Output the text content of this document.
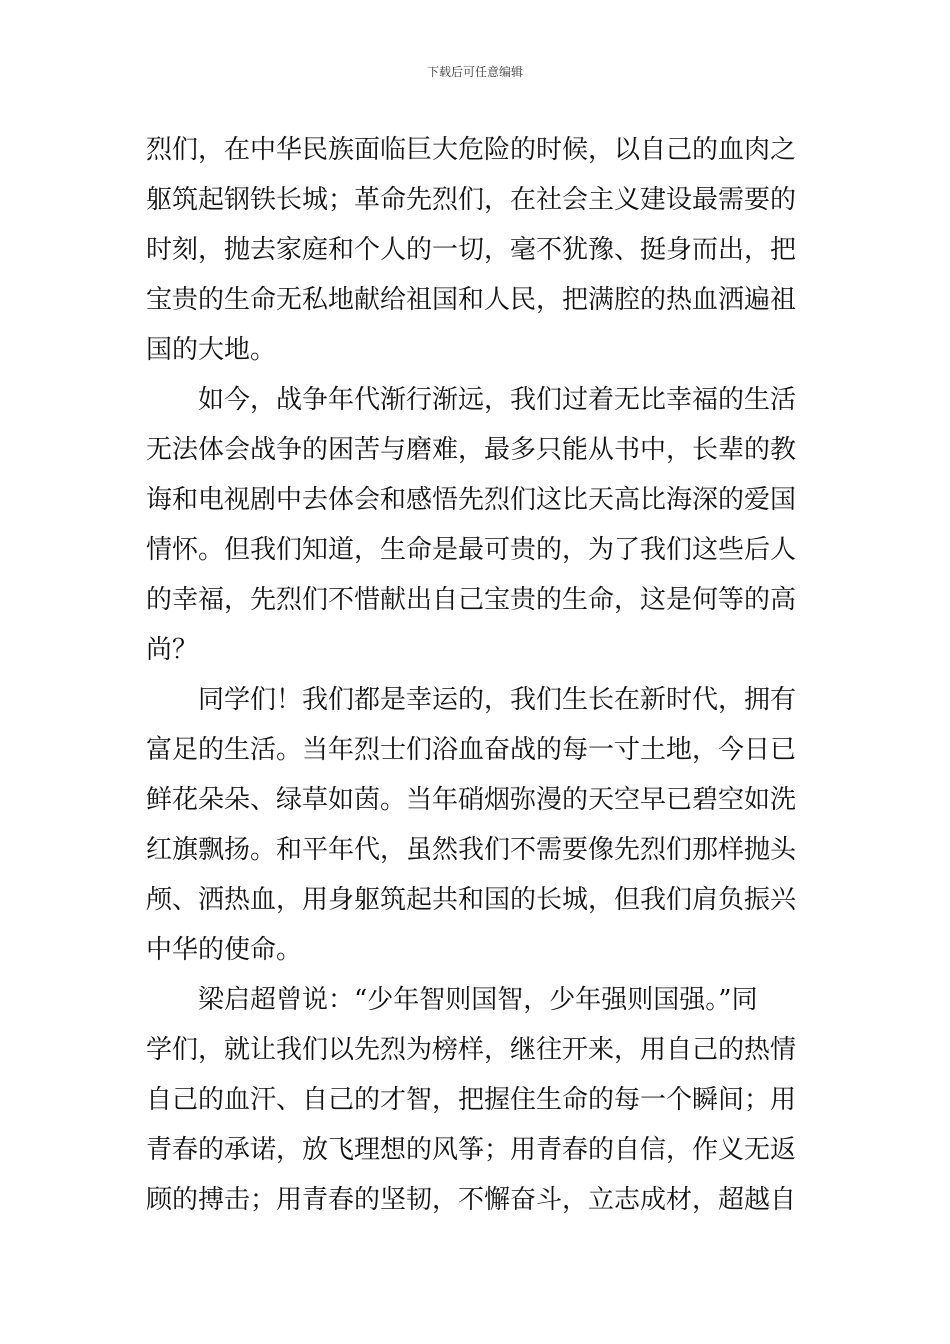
下载后可任意编辑
烈们，在中华民族面临巨大危险的时候，以自己的血肉之
躯筑起钢铁长城；革命先烈们，在社会主义建设最需要的
时刻，抛去家庭和个人的一切，毫不犹豫、挺身而出，把
宝贵的生命无私地献给祖国和人民，把满腔的热血洒遍祖
国的大地。
　　如今，战争年代渐行渐远，我们过着无比幸福的生活
无法体会战争的困苦与磨难，最多只能从书中，长辈的教
诲和电视剧中去体会和感悟先烈们这比天高比海深的爱国
情怀。但我们知道，生命是最可贵的，为了我们这些后人
的幸福，先烈们不惜献出自己宝贵的生命，这是何等的高
尚？
　　同学们！我们都是幸运的，我们生长在新时代，拥有
富足的生活。当年烈士们浴血奋战的每一寸土地，今日已
鲜花朵朵、绿草如茵。当年硝烟弥漫的天空早已碧空如洗
红旗飘扬。和平年代，虽然我们不需要像先烈们那样抛头
颅、洒热血，用身躯筑起共和国的长城，但我们肩负振兴
中华的使命。
　　梁启超曾说：“少年智则国智，少年强则国强。”同
学们，就让我们以先烈为榜样，继往开来，用自己的热情
自己的血汗、自己的才智，把握住生命的每一个瞬间；用
青春的承诺，放飞理想的风筝；用青春的自信，作义无返
顾的搏击；用青春的坚韧，不懈奋斗，立志成材，超越自
